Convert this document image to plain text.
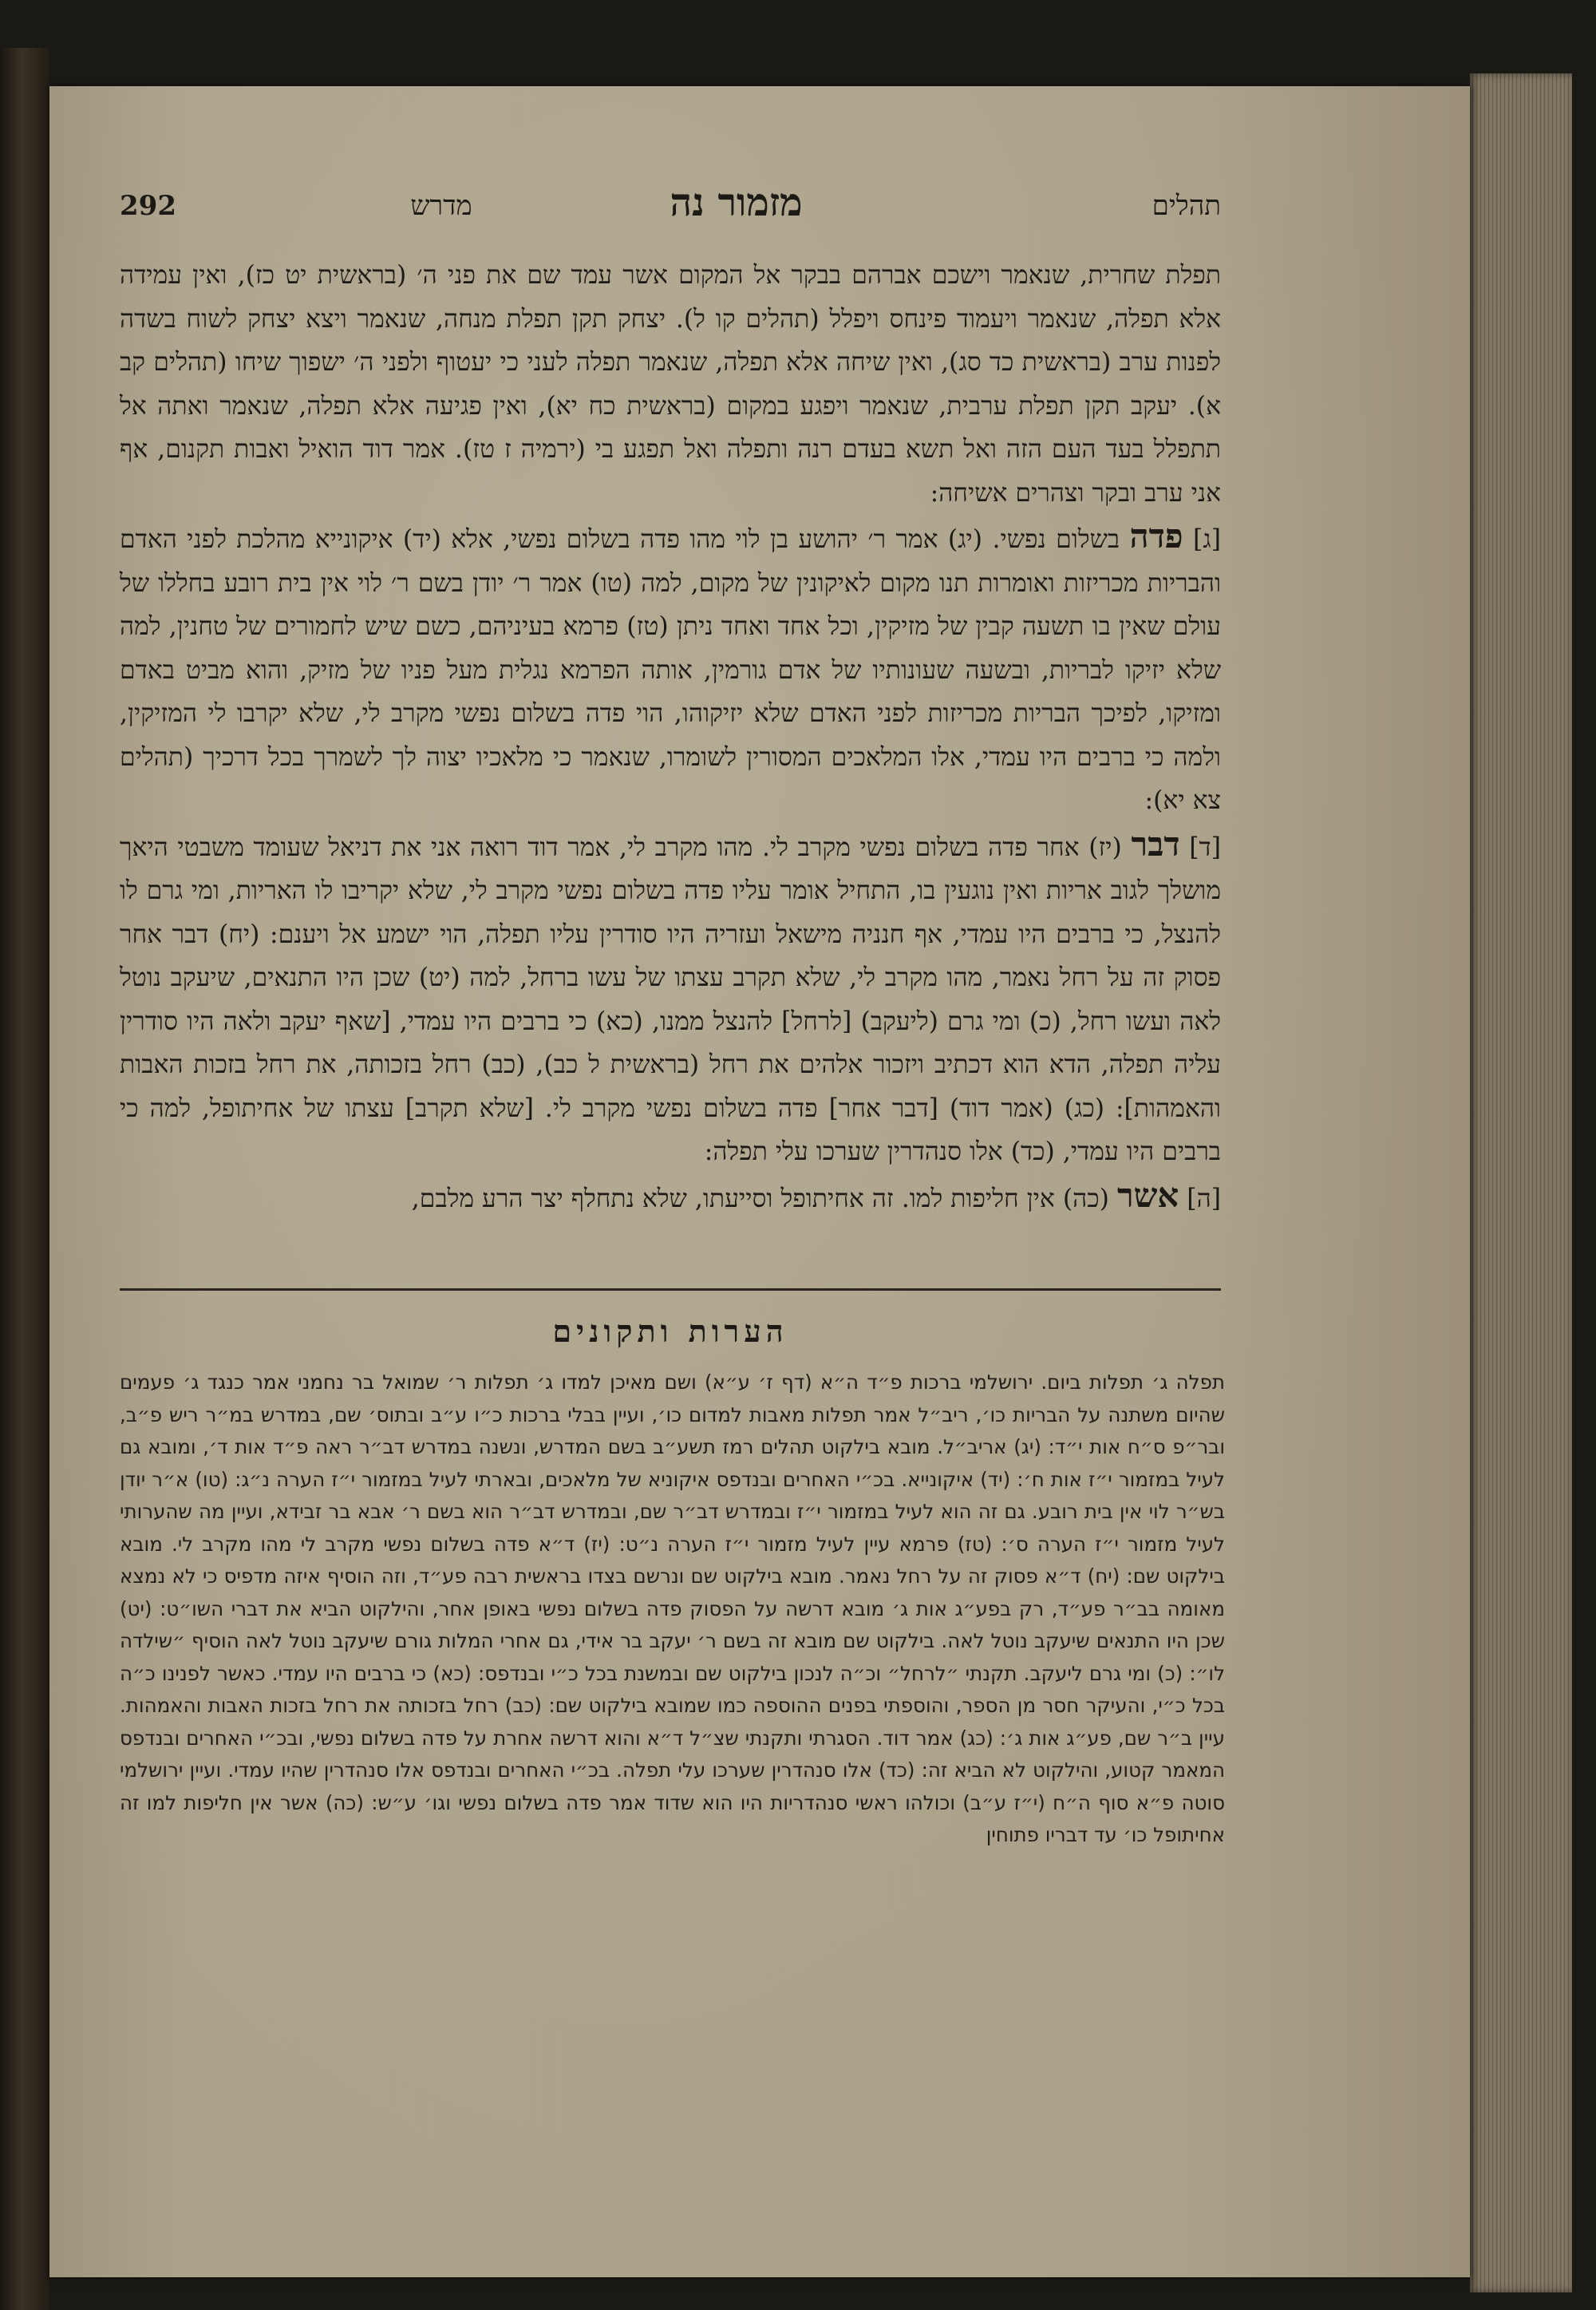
תהלים
מזמור נה
מדרש
292

תפלת שחרית, שנאמר וישכם אברהם בבקר אל המקום אשר עמד שם את פני ה׳ (בראשית יט כז), ואין עמידה אלא תפלה, שנאמר ויעמוד פינחס ויפלל (תהלים קו ל). יצחק תקן תפלת מנחה, שנאמר ויצא יצחק לשוח בשדה לפנות ערב (בראשית כד סג), ואין שיחה אלא תפלה, שנאמר תפלה לעני כי יעטוף ולפני ה׳ ישפוך שיחו (תהלים קב א). יעקב תקן תפלת ערבית, שנאמר ויפגע במקום (בראשית כח יא), ואין פגיעה אלא תפלה, שנאמר ואתה אל תתפלל בעד העם הזה ואל תשא בעדם רנה ותפלה ואל תפגע בי (ירמיה ז טז). אמר דוד הואיל ואבות תקנום, אף אני ערב ובקר וצהרים אשיחה:

[ג] פדה בשלום נפשי. (יג) אמר ר׳ יהושע בן לוי מהו פדה בשלום נפשי, אלא (יד) איקונייא מהלכת לפני האדם והבריות מכריזות ואומרות תנו מקום לאיקונין של מקום, למה (טו) אמר ר׳ יודן בשם ר׳ לוי אין בית רובע בחללו של עולם שאין בו תשעה קבין של מזיקין, וכל אחד ואחד ניתן (טז) פרמא בעיניהם, כשם שיש לחמורים של טחנין, למה שלא יזיקו לבריות, ובשעה שעונותיו של אדם גורמין, אותה הפרמא נגלית מעל פניו של מזיק, והוא מביט באדם ומזיקו, לפיכך הבריות מכריזות לפני האדם שלא יזיקוהו, הוי פדה בשלום נפשי מקרב לי, שלא יקרבו לי המזיקין, ולמה כי ברבים היו עמדי, אלו המלאכים המסורין לשומרו, שנאמר כי מלאכיו יצוה לך לשמרך בכל דרכיך (תהלים צא יא):

[ד] דבר (יז) אחר פדה בשלום נפשי מקרב לי. מהו מקרב לי, אמר דוד רואה אני את דניאל שעומד משבטי היאך מושלך לגוב אריות ואין נוגעין בו, התחיל אומר עליו פדה בשלום נפשי מקרב לי, שלא יקריבו לו האריות, ומי גרם לו להנצל, כי ברבים היו עמדי, אף חנניה מישאל ועזריה היו סודרין עליו תפלה, הוי ישמע אל ויענם: (יח) דבר אחר פסוק זה על רחל נאמר, מהו מקרב לי, שלא תקרב עצתו של עשו ברחל, למה (יט) שכן היו התנאים, שיעקב נוטל לאה ועשו רחל, (כ) ומי גרם (ליעקב) [לרחל] להנצל ממנו, (כא) כי ברבים היו עמדי, [שאף יעקב ולאה היו סודרין עליה תפלה, הדא הוא דכתיב ויזכור אלהים את רחל (בראשית ל כב), (כב) רחל בזכותה, את רחל בזכות האבות והאמהות]: (כג) (אמר דוד) [דבר אחר] פדה בשלום נפשי מקרב לי. [שלא תקרב] עצתו של אחיתופל, למה כי ברבים היו עמדי, (כד) אלו סנהדרין שערכו עלי תפלה:

[ה] אשר (כה) אין חליפות למו. זה אחיתופל וסייעתו, שלא נתחלף יצר הרע מלבם,

הערות ותקונים

תפלה ג׳ תפלות ביום. ירושלמי ברכות פ״ד ה״א (דף ז׳ ע״א) ושם מאיכן למדו ג׳ תפלות ר׳ שמואל בר נחמני אמר כנגד ג׳ פעמים שהיום משתנה על הבריות כו׳, ריב״ל אמר תפלות מאבות למדום כו׳, ועיין בבלי ברכות כ״ו ע״ב ובתוס׳ שם, במדרש במ״ר ריש פ״ב, ובר״פ ס״ח אות י״ד: (יג) אריב״ל. מובא בילקוט תהלים רמז תשע״ב בשם המדרש, ונשנה במדרש דב״ר ראה פ״ד אות ד׳, ומובא גם לעיל במזמור י״ז אות ח׳: (יד) איקונייא. בכ״י האחרים ובנדפס איקוניא של מלאכים, ובארתי לעיל במזמור י״ז הערה נ״ג: (טו) א״ר יודן בש״ר לוי אין בית רובע. גם זה הוא לעיל במזמור י״ז ובמדרש דב״ר שם, ובמדרש דב״ר הוא בשם ר׳ אבא בר זבידא, ועיין מה שהערותי לעיל מזמור י״ז הערה ס׳: (טז) פרמא עיין לעיל מזמור י״ז הערה נ״ט: (יז) ד״א פדה בשלום נפשי מקרב לי מהו מקרב לי. מובא בילקוט שם: (יח) ד״א פסוק זה על רחל נאמר. מובא בילקוט שם ונרשם בצדו בראשית רבה פע״ד, וזה הוסיף איזה מדפיס כי לא נמצא מאומה בב״ר פע״ד, רק בפע״ג אות ג׳ מובא דרשה על הפסוק פדה בשלום נפשי באופן אחר, והילקוט הביא את דברי השו״ט: (יט) שכן היו התנאים שיעקב נוטל לאה. בילקוט שם מובא זה בשם ר׳ יעקב בר אידי, גם אחרי המלות גורם שיעקב נוטל לאה הוסיף ״שילדה לו״: (כ) ומי גרם ליעקב. תקנתי ״לרחל״ וכ״ה לנכון בילקוט שם ובמשנת בכל כ״י ובנדפס: (כא) כי ברבים היו עמדי. כאשר לפנינו כ״ה בכל כ״י, והעיקר חסר מן הספר, והוספתי בפנים ההוספה כמו שמובא בילקוט שם: (כב) רחל בזכותה את רחל בזכות האבות והאמהות. עיין ב״ר שם, פע״ג אות ג׳: (כג) אמר דוד. הסגרתי ותקנתי שצ״ל ד״א והוא דרשה אחרת על פדה בשלום נפשי, ובכ״י האחרים ובנדפס המאמר קטוע, והילקוט לא הביא זה: (כד) אלו סנהדרין שערכו עלי תפלה. בכ״י האחרים ובנדפס אלו סנהדרין שהיו עמדי. ועיין ירושלמי סוטה פ״א סוף ה״ח (י״ז ע״ב) וכולהו ראשי סנהדריות היו הוא שדוד אמר פדה בשלום נפשי וגו׳ ע״ש: (כה) אשר אין חליפות למו זה אחיתופל כו׳ עד דבריו פתוחין
